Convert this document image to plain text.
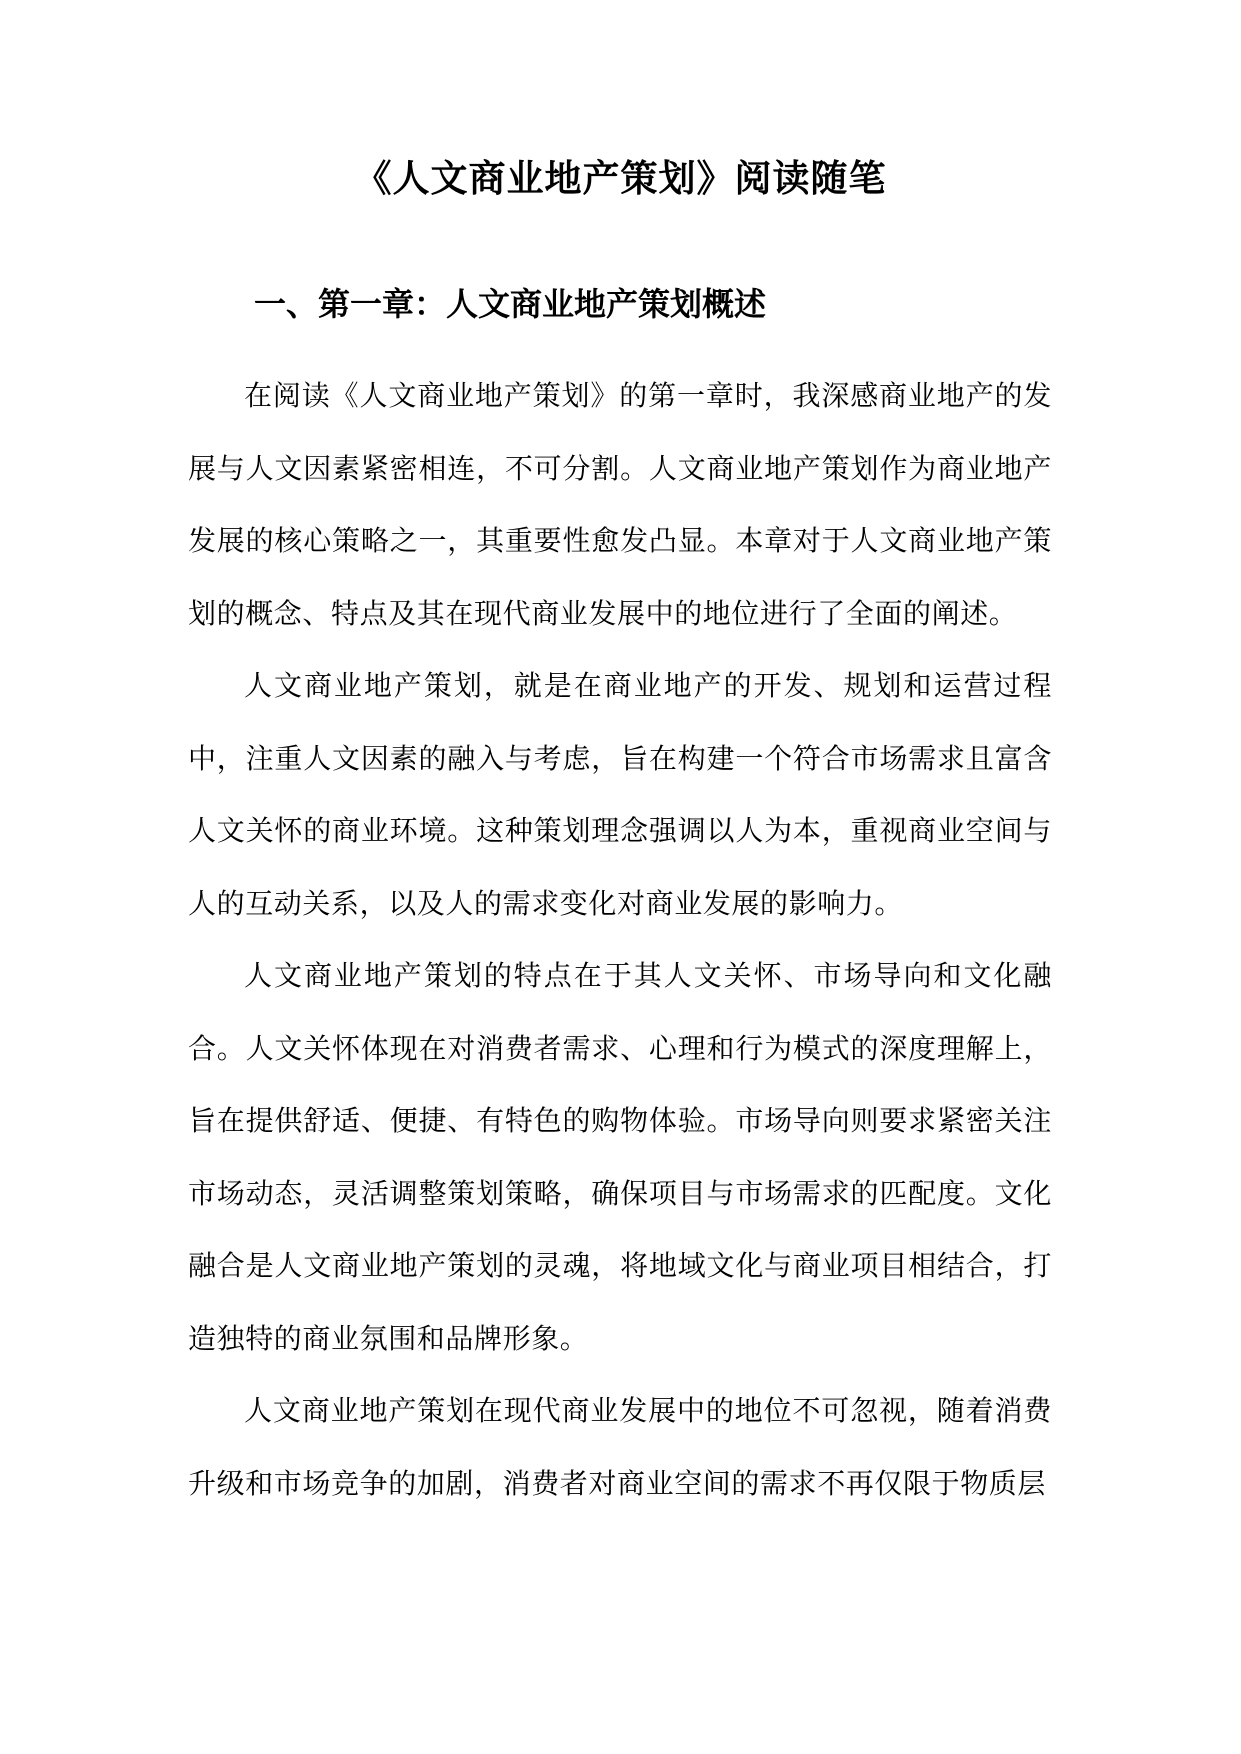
《人文商业地产策划》阅读随笔
一、第一章：人文商业地产策划概述

在阅读《人文商业地产策划》的第一章时，我深感商业地产的发展与人文因素紧密相连，不可分割。人文商业地产策划作为商业地产发展的核心策略之一，其重要性愈发凸显。本章对于人文商业地产策划的概念、特点及其在现代商业发展中的地位进行了全面的阐述。

人文商业地产策划，就是在商业地产的开发、规划和运营过程中，注重人文因素的融入与考虑，旨在构建一个符合市场需求且富含人文关怀的商业环境。这种策划理念强调以人为本，重视商业空间与人的互动关系，以及人的需求变化对商业发展的影响力。

人文商业地产策划的特点在于其人文关怀、市场导向和文化融合。人文关怀体现在对消费者需求、心理和行为模式的深度理解上，旨在提供舒适、便捷、有特色的购物体验。市场导向则要求紧密关注市场动态，灵活调整策划策略，确保项目与市场需求的匹配度。文化融合是人文商业地产策划的灵魂，将地域文化与商业项目相结合，打造独特的商业氛围和品牌形象。

人文商业地产策划在现代商业发展中的地位不可忽视，随着消费升级和市场竞争的加剧，消费者对商业空间的需求不再仅限于物质层
